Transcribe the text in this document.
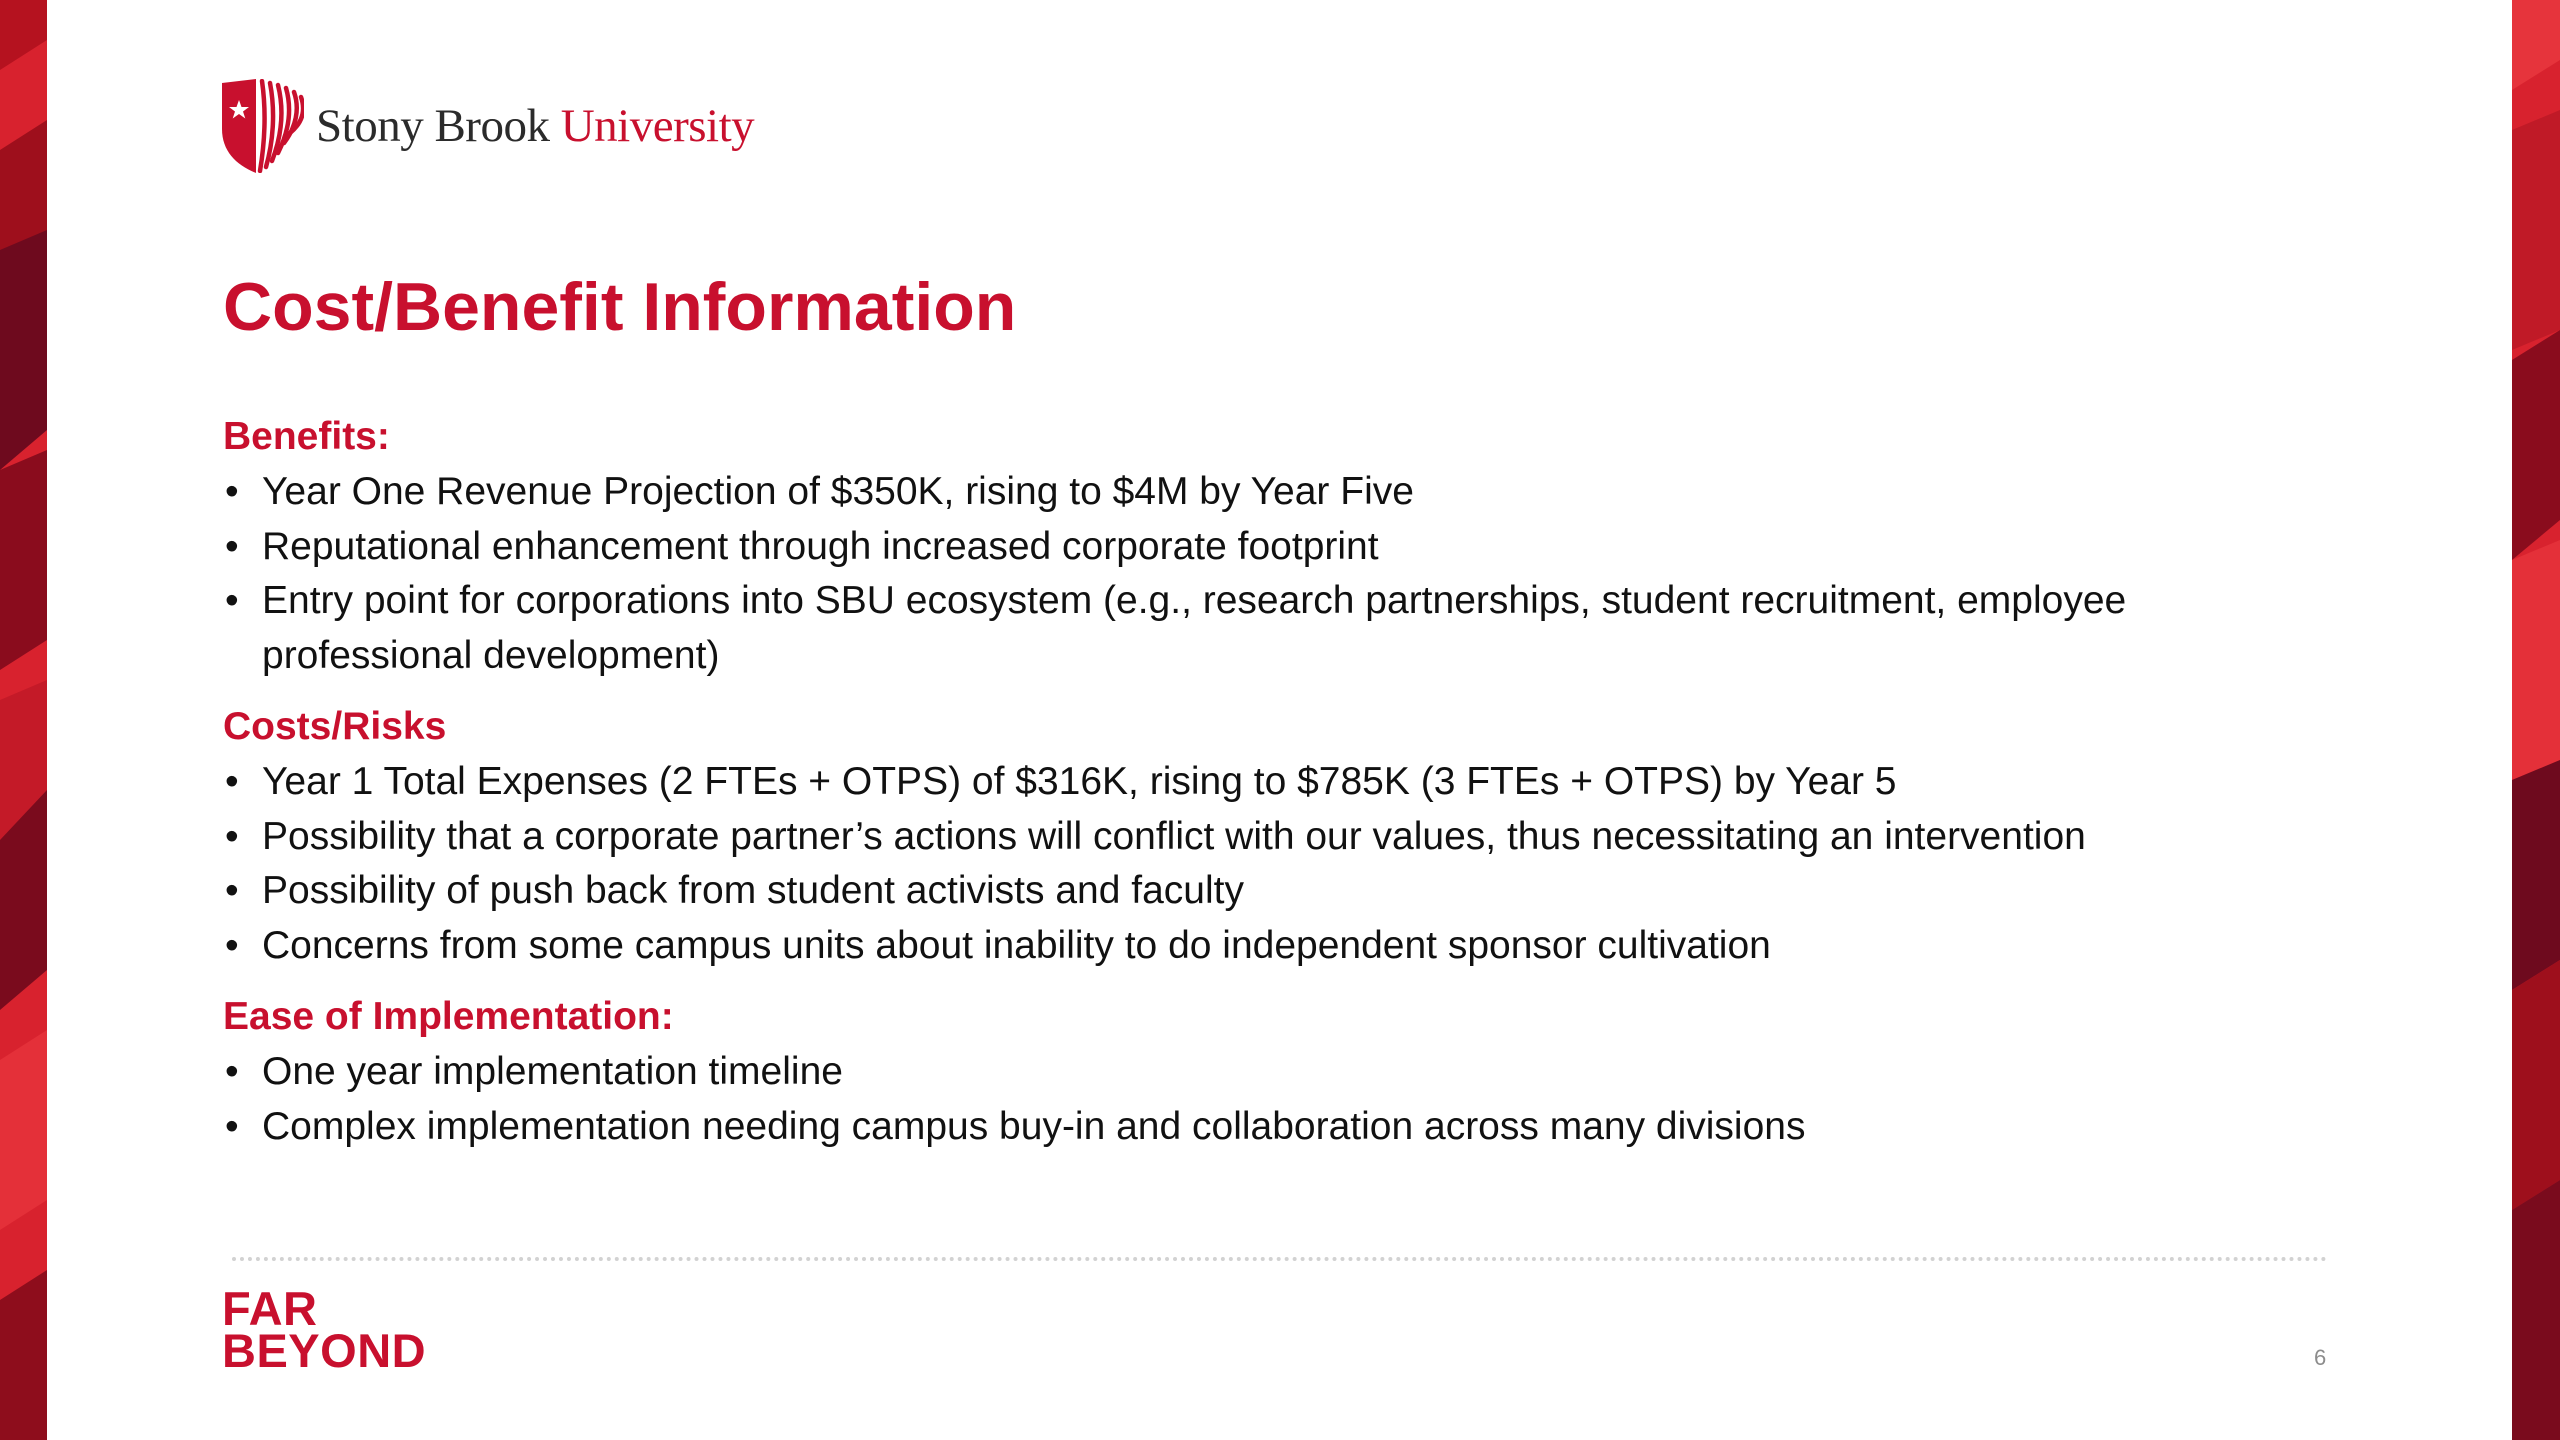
Stony Brook University
Cost/Benefit Information
Benefits:
• Year One Revenue Projection of $350K, rising to $4M by Year Five
• Reputational enhancement through increased corporate footprint
• Entry point for corporations into SBU ecosystem (e.g., research partnerships, student recruitment, employee professional development)
Costs/Risks
• Year 1 Total Expenses (2 FTEs + OTPS) of $316K, rising to $785K (3 FTEs + OTPS) by Year 5
• Possibility that a corporate partner’s actions will conflict with our values, thus necessitating an intervention
• Possibility of push back from student activists and faculty
• Concerns from some campus units about inability to do independent sponsor cultivation
Ease of Implementation:
• One year implementation timeline
• Complex implementation needing campus buy-in and collaboration across many divisions
FAR
BEYOND	6
